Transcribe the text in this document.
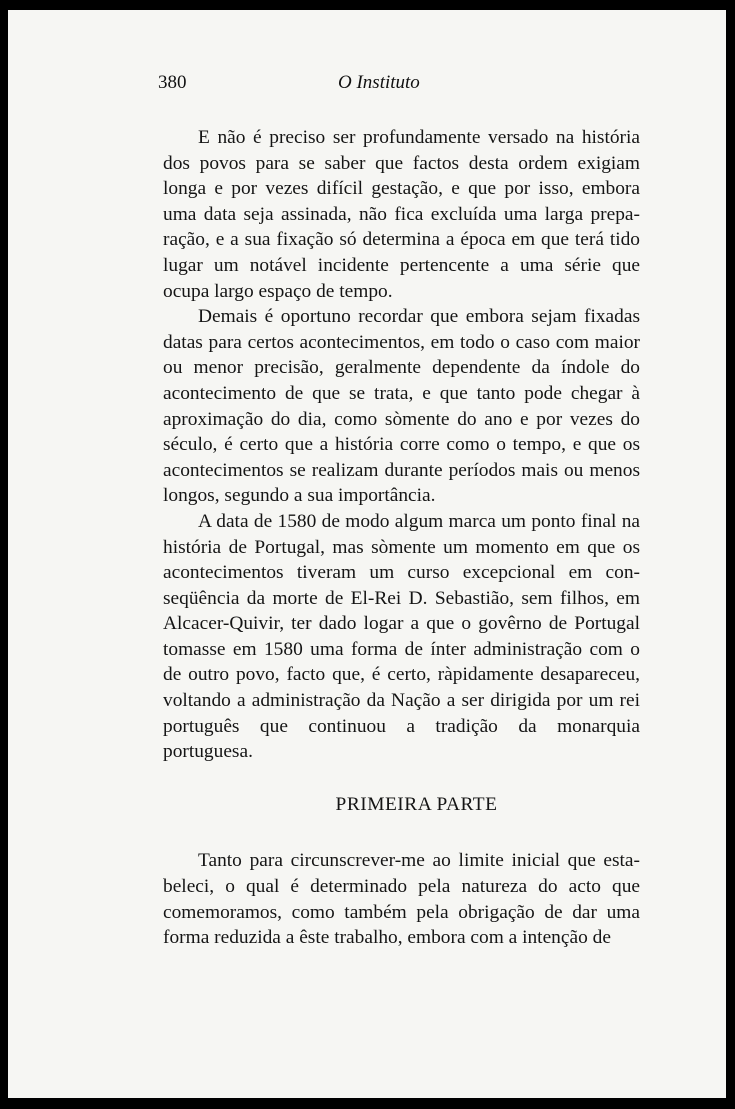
380	O Instituto

E não é preciso ser profundamente versado na história dos povos para se saber que factos desta ordem exigiam longa e por vezes difícil gestação, e que por isso, embora uma data seja assinada, não fica excluída uma larga preparação, e a sua fixação só determina a época em que terá tido lugar um notável incidente pertencente a uma série que ocupa largo espaço de tempo.

Demais é oportuno recordar que embora sejam fixadas datas para certos acontecimentos, em todo o caso com maior ou menor precisão, geralmente dependente da índole do acontecimento de que se trata, e que tanto pode chegar à aproximação do dia, como sòmente do ano e por vezes do século, é certo que a história corre como o tempo, e que os acontecimentos se realizam durante períodos mais ou menos longos, segundo a sua importância.

A data de 1580 de modo algum marca um ponto final na história de Portugal, mas sòmente um momento em que os acontecimentos tiveram um curso excepcional em conseqüência da morte de El-Rei D. Sebastião, sem filhos, em Alcacer-Quivir, ter dado logar a que o govêrno de Portugal tomasse em 1580 uma forma de ínter administração com o de outro povo, facto que, é certo, ràpidamente desapareceu, voltando a administração da Nação a ser dirigida por um rei português que continuou a tradição da monarquia portuguesa.

PRIMEIRA PARTE

Tanto para circunscrever-me ao limite inicial que estabeleci, o qual é determinado pela natureza do acto que comemoramos, como também pela obrigação de dar uma forma reduzida a êste trabalho, embora com a intenção de
